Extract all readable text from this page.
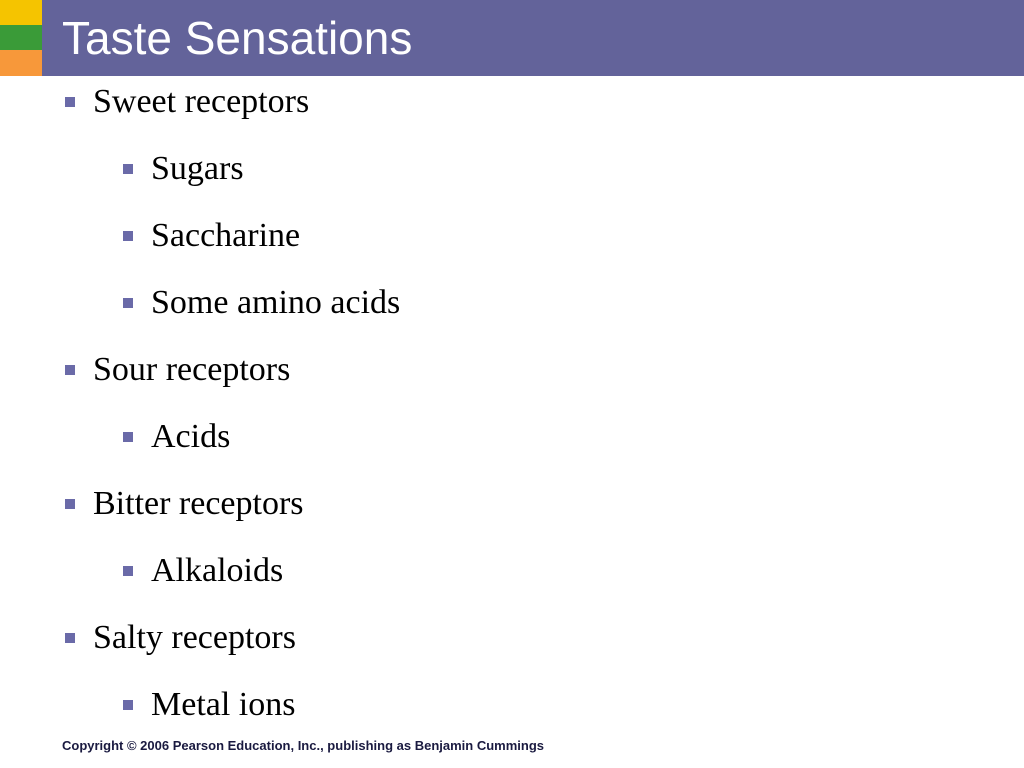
Taste Sensations
Sweet receptors
Sugars
Saccharine
Some amino acids
Sour receptors
Acids
Bitter receptors
Alkaloids
Salty receptors
Metal ions

Copyright © 2006 Pearson Education, Inc., publishing as Benjamin Cummings
